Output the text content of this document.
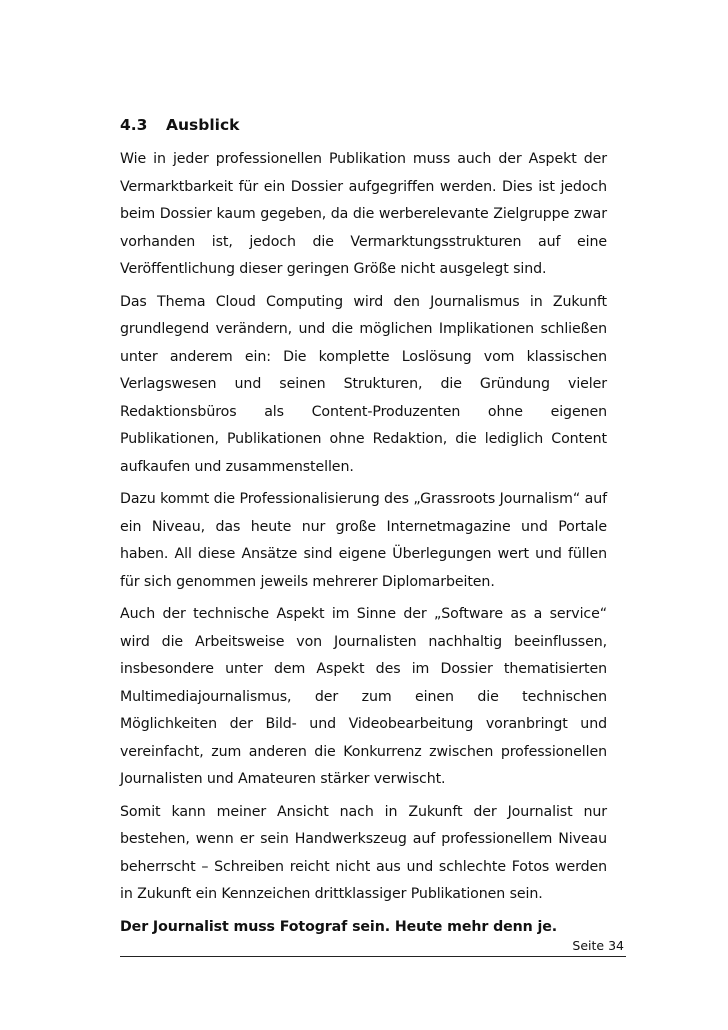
4.3	Ausblick

Wie in jeder professionellen Publikation muss auch der Aspekt der Vermarktbarkeit für ein Dossier aufgegriffen werden. Dies ist jedoch beim Dossier kaum gegeben, da die werberelevante Zielgruppe zwar vorhanden ist, jedoch die Vermarktungsstrukturen auf eine Veröffentlichung dieser geringen Größe nicht ausgelegt sind.

Das Thema Cloud Computing wird den Journalismus in Zukunft grundlegend verändern, und die möglichen Implikationen schließen unter anderem ein: Die komplette Loslösung vom klassischen Verlagswesen und seinen Strukturen, die Gründung vieler Redaktionsbüros als Content-Produzenten ohne eigenen Publikationen, Publikationen ohne Redaktion, die lediglich Content aufkaufen und zusammenstellen.

Dazu kommt die Professionalisierung des „Grassroots Journalism“ auf ein Niveau, das heute nur große Internetmagazine und Portale haben. All diese Ansätze sind eigene Überlegungen wert und füllen für sich genommen jeweils mehrerer Diplomarbeiten.

Auch der technische Aspekt im Sinne der „Software as a service“ wird die Arbeitsweise von Journalisten nachhaltig beeinflussen, insbesondere unter dem Aspekt des im Dossier thematisierten Multimediajournalismus, der zum einen die technischen Möglichkeiten der Bild- und Videobearbeitung voranbringt und vereinfacht, zum anderen die Konkurrenz zwischen professionellen Journalisten und Amateuren stärker verwischt.

Somit kann meiner Ansicht nach in Zukunft der Journalist nur bestehen, wenn er sein Handwerkszeug auf professionellem Niveau beherrscht – Schreiben reicht nicht aus und schlechte Fotos werden in Zukunft ein Kennzeichen drittklassiger Publikationen sein.

Der Journalist muss Fotograf sein. Heute mehr denn je.

Seite 34
